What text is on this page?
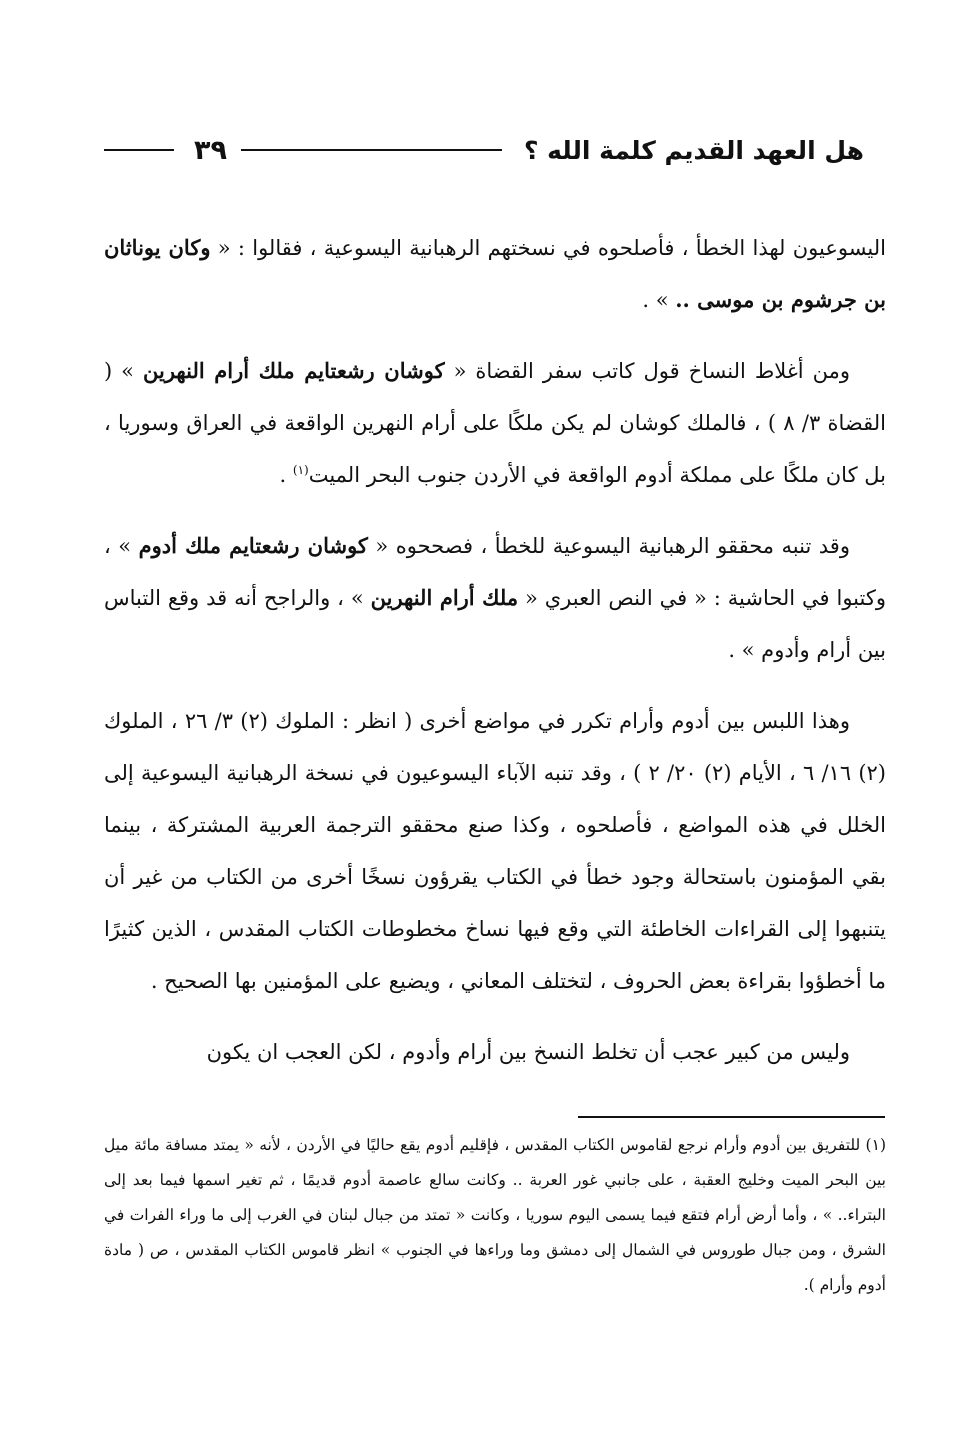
هل العهد القديم كلمة الله ؟
٣٩

اليسوعيون لهذا الخطأ ، فأصلحوه في نسختهم الرهبانية اليسوعية ، فقالوا : « وكان يوناثان بن جرشوم بن موسى .. » .

ومن أغلاط النساخ قول كاتب سفر القضاة « كوشان رشعتايم ملك أرام النهرين » ( القضاة ٣/ ٨ ) ، فالملك كوشان لم يكن ملكًا على أرام النهرين الواقعة في العراق وسوريا ، بل كان ملكًا على مملكة أدوم الواقعة في الأردن جنوب البحر الميت$^{(١)}$ .

وقد تنبه محققو الرهبانية اليسوعية للخطأ ، فصححوه « كوشان رشعتايم ملك أدوم » ، وكتبوا في الحاشية : « في النص العبري « ملك أرام النهرين » ، والراجح أنه قد وقع التباس بين أرام وأدوم » .

وهذا اللبس بين أدوم وأرام تكرر في مواضع أخرى ( انظر : الملوك (٢) ٣/ ٢٦ ، الملوك (٢) ١٦/ ٦ ، الأيام (٢) ٢٠/ ٢ ) ، وقد تنبه الآباء اليسوعيون في نسخة الرهبانية اليسوعية إلى الخلل في هذه المواضع ، فأصلحوه ، وكذا صنع محققو الترجمة العربية المشتركة ، بينما بقي المؤمنون باستحالة وجود خطأ في الكتاب يقرؤون نسخًا أخرى من الكتاب من غير أن يتنبهوا إلى القراءات الخاطئة التي وقع فيها نساخ مخطوطات الكتاب المقدس ، الذين كثيرًا ما أخطؤوا بقراءة بعض الحروف ، لتختلف المعاني ، ويضيع على المؤمنين بها الصحيح .

وليس من كبير عجب أن تخلط النسخ بين أرام وأدوم ، لكن العجب ان يكون

(١) للتفريق بين أدوم وأرام نرجع لقاموس الكتاب المقدس ، فإقليم أدوم يقع حاليًا في الأردن ، لأنه « يمتد مسافة مائة ميل بين البحر الميت وخليج العقبة ، على جانبي غور العربة .. وكانت سالع عاصمة أدوم قديمًا ، ثم تغير اسمها فيما بعد إلى البتراء.. » ، وأما أرض أرام فتقع فيما يسمى اليوم سوريا ، وكانت « تمتد من جبال لبنان في الغرب إلى ما وراء الفرات في الشرق ، ومن جبال طوروس في الشمال إلى دمشق وما وراءها في الجنوب » انظر قاموس الكتاب المقدس ، ص ( مادة أدوم وأرام ).
